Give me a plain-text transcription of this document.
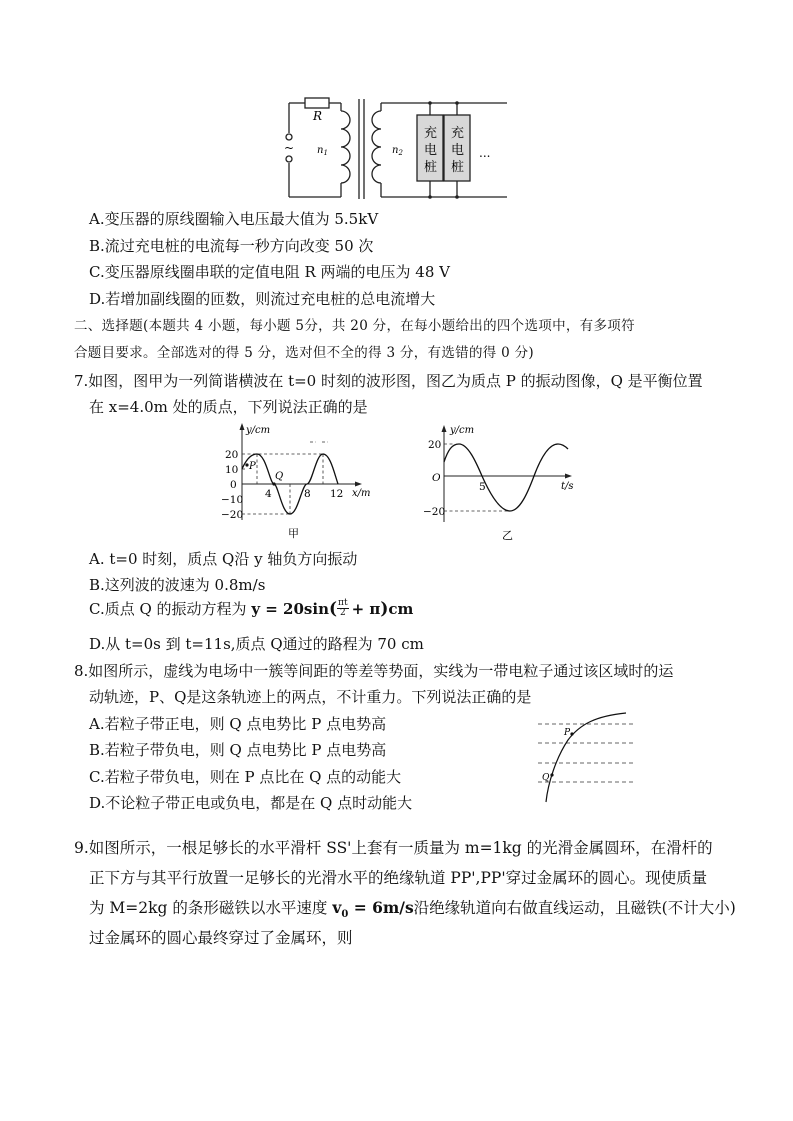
R
~ $n_1$	$n_2$
充
电
桩
充
电
桩
...
A.变压器的原线圈输入电压最大值为 5.5kV
B.流过充电桩的电流每一秒方向改变 50 次
C.变压器原线圈串联的定值电阻 R 两端的电压为 48 V
D.若增加副线圈的匝数，则流过充电桩的总电流增大
二、选择题(本题共 4 小题，每小题 5分，共 20 分，在每小题给出的四个选项中，有多项符
合题目要求。全部选对的得 5 分，选对但不全的得 3 分，有选错的得 0 分)
7.如图，图甲为一列简谐横波在 t=0 时刻的波形图，图乙为质点 P 的振动图像，Q 是平衡位置
在 x=4.0m 处的质点，下列说法正确的是
y/cm
x/m
20
10
0
−10
−20
4	8 12
P
Q
甲
y/cm
t/s
20
O
−20
5
乙
A. t=0 时刻，质点 Q沿 y 轴负方向振动
B.这列波的波速为 0.8m/s
C.质点 Q 的振动方程为 $y = 20\sin( \frac{\pi t}{2} + \pi)cm$
D.从 t=0s 到 t=11s,质点 Q通过的路程为 70 cm
8.如图所示，虚线为电场中一簇等间距的等差等势面，实线为一带电粒子通过该区域时的运
动轨迹，P、Q是这条轨迹上的两点，不计重力。下列说法正确的是
A.若粒子带正电，则 Q 点电势比 P 点电势高
B.若粒子带负电，则 Q 点电势比 P 点电势高
C.若粒子带负电，则在 P 点比在 Q 点的动能大
D.不论粒子带正电或负电，都是在 Q 点时动能大
P
Q
9.如图所示，一根足够长的水平滑杆 SS'上套有一质量为 m=1kg 的光滑金属圆环，在滑杆的
正下方与其平行放置一足够长的光滑水平的绝缘轨道 PP',PP'穿过金属环的圆心。现使质量
为 M=2kg 的条形磁铁以水平速度 $v_0 = 6m/s$沿绝缘轨道向右做直线运动，且磁铁(不计大小)
过金属环的圆心最终穿过了金属环，则
